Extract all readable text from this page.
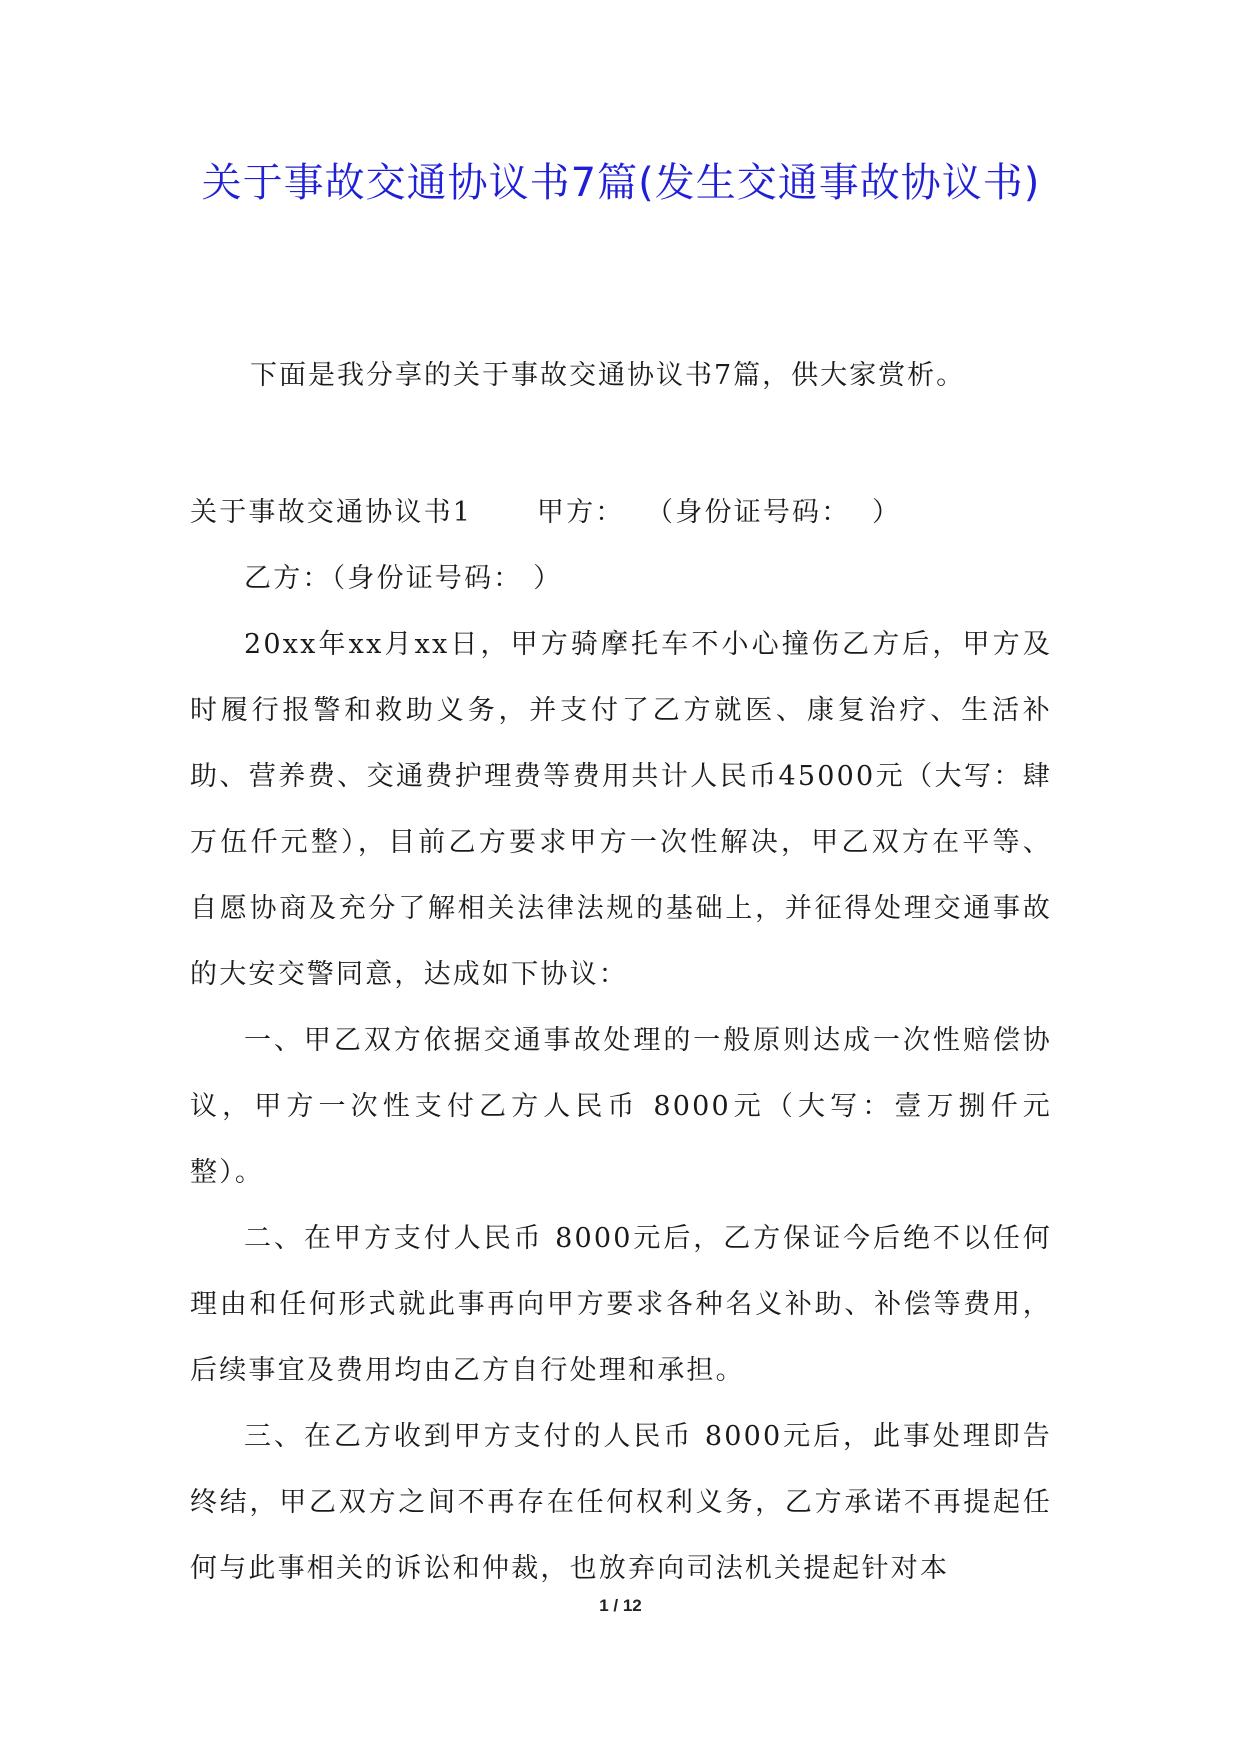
关于事故交通协议书7篇(发生交通事故协议书)

下面是我分享的关于事故交通协议书7篇，供大家赏析。

关于事故交通协议书1 甲方：  （身份证号码：  ）

乙方：（身份证号码： ）

20xx年xx月xx日，甲方骑摩托车不小心撞伤乙方后，甲方及时履行报警和救助义务，并支付了乙方就医、康复治疗、生活补助、营养费、交通费护理费等费用共计人民币45000元（大写：肆万伍仟元整），目前乙方要求甲方一次性解决，甲乙双方在平等、自愿协商及充分了解相关法律法规的基础上，并征得处理交通事故的大安交警同意，达成如下协议：

一、甲乙双方依据交通事故处理的一般原则达成一次性赔偿协议，甲方一次性支付乙方人民币 8000元（大写：壹万捌仟元整）。

二、在甲方支付人民币 8000元后，乙方保证今后绝不以任何理由和任何形式就此事再向甲方要求各种名义补助、补偿等费用，后续事宜及费用均由乙方自行处理和承担。

三、在乙方收到甲方支付的人民币 8000元后，此事处理即告终结，甲乙双方之间不再存在任何权利义务，乙方承诺不再提起任何与此事相关的诉讼和仲裁，也放弃向司法机关提起针对本

1 / 12
